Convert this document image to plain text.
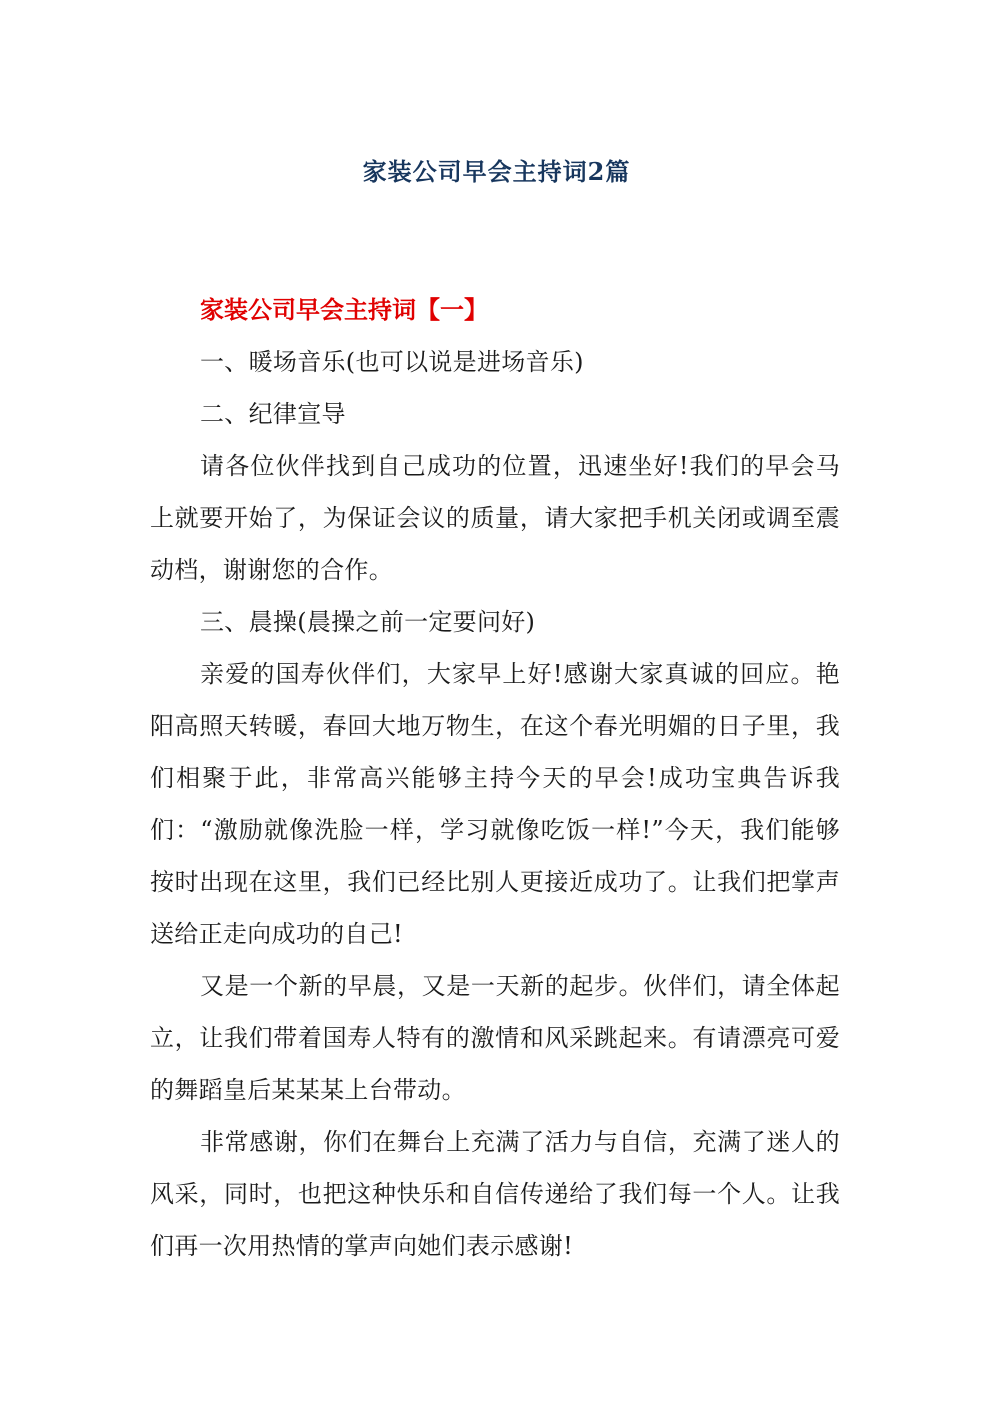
家装公司早会主持词2篇

家装公司早会主持词【一】

一、暖场音乐(也可以说是进场音乐)

二、纪律宣导

请各位伙伴找到自己成功的位置，迅速坐好!我们的早会马上就要开始了，为保证会议的质量，请大家把手机关闭或调至震动档，谢谢您的合作。

三、晨操(晨操之前一定要问好)

亲爱的国寿伙伴们，大家早上好!感谢大家真诚的回应。艳阳高照天转暖，春回大地万物生，在这个春光明媚的日子里，我们相聚于此，非常高兴能够主持今天的早会!成功宝典告诉我们：“激励就像洗脸一样，学习就像吃饭一样!”今天，我们能够按时出现在这里，我们已经比别人更接近成功了。让我们把掌声送给正走向成功的自己!

又是一个新的早晨，又是一天新的起步。伙伴们，请全体起立，让我们带着国寿人特有的激情和风采跳起来。有请漂亮可爱的舞蹈皇后某某某上台带动。

非常感谢，你们在舞台上充满了活力与自信，充满了迷人的风采，同时，也把这种快乐和自信传递给了我们每一个人。让我们再一次用热情的掌声向她们表示感谢!
